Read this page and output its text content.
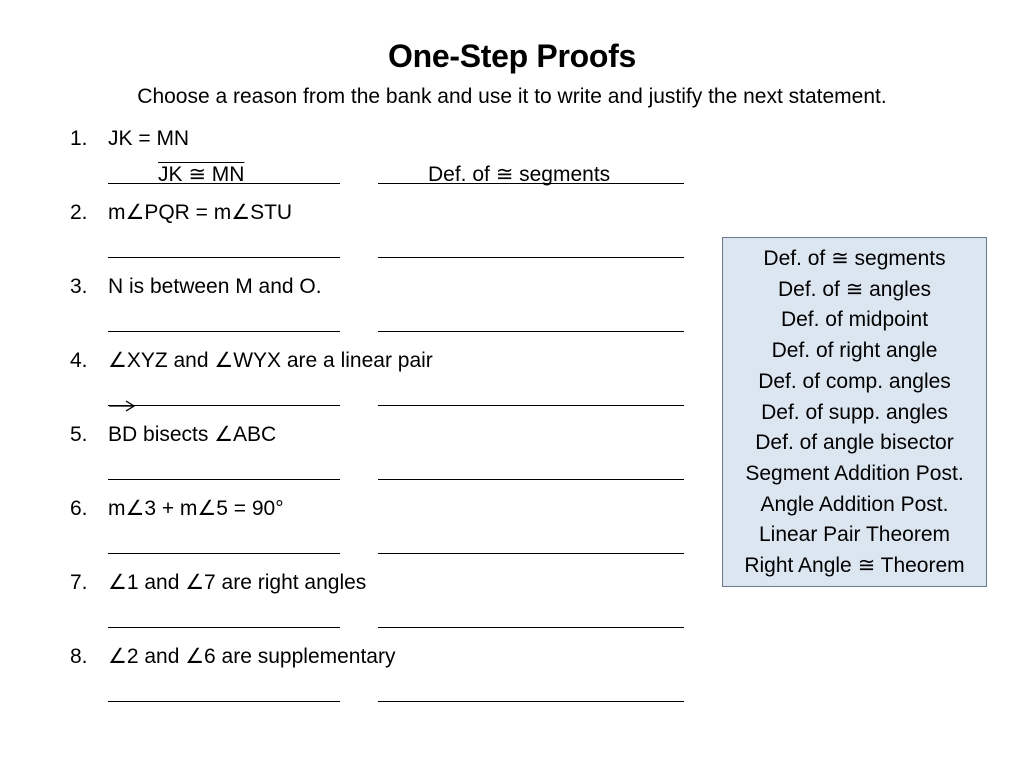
One-Step Proofs
Choose a reason from the bank and use it to write and justify the next statement.
1. JK = MN
JK ≅ MN	Def. of ≅ segments
2. m∠PQR = m∠STU
3. N is between M and O.
4. ∠XYZ and ∠WYX are a linear pair
5. BD bisects ∠ABC
6. m∠3 + m∠5 = 90°
7. ∠1 and ∠7 are right angles
8. ∠2 and ∠6 are supplementary
Def. of ≅ segments
Def. of ≅ angles
Def. of midpoint
Def. of right angle
Def. of comp. angles
Def. of supp. angles
Def. of angle bisector
Segment Addition Post.
Angle Addition Post.
Linear Pair Theorem
Right Angle ≅ Theorem
